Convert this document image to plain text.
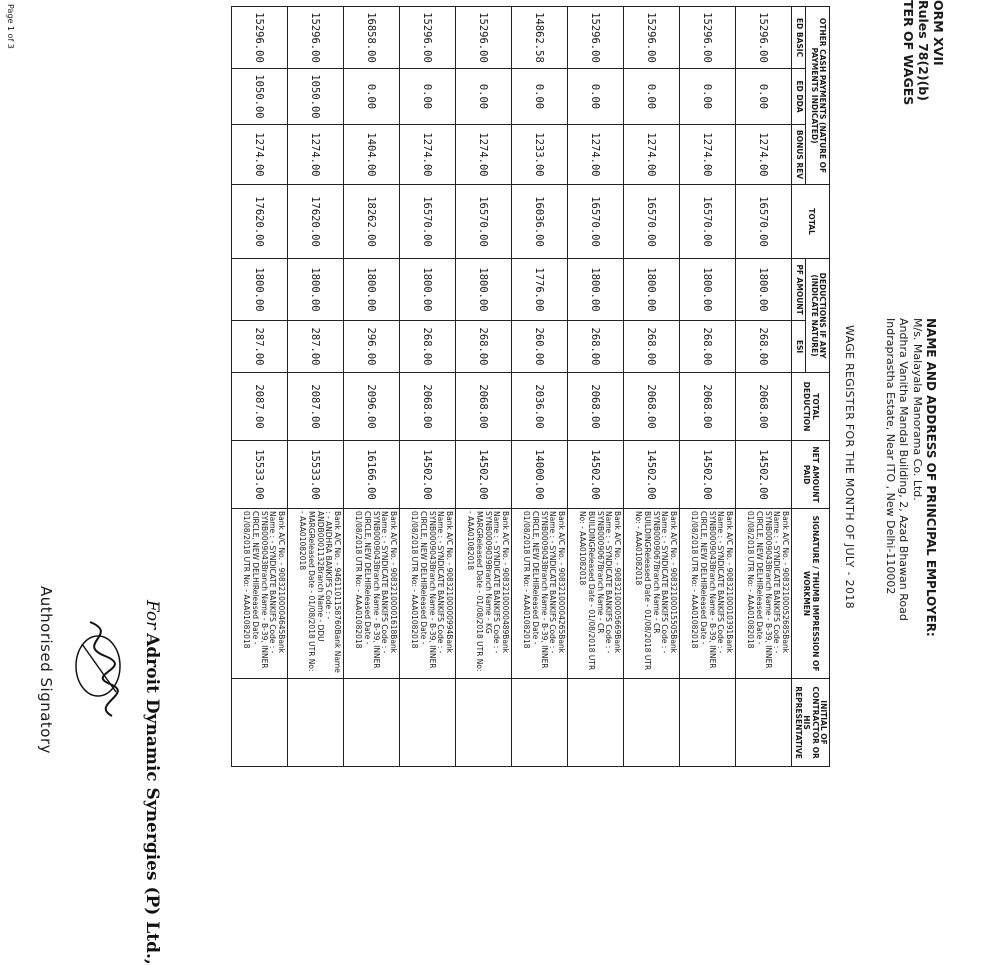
ORM XVII
Rules 78(2)(b)
TER OF WAGES
NAME AND ADDRESS OF PRINCIPAL EMPLOYER:
M/s. Malayala Manorama Co. Ltd.
Andhra Vanitha Mandal Building, 2, Azad Bhawan Road
Indraprastha Estate, Near ITO , New Delhi-110002
WAGE REGISTER FOR THE MONTH OF JULY - 2018
OTHER CASH PAYMENTS (NATURE OF PAYMENTS INDICATED)			TOTAL	DEDUCTIONS IF ANY (INDICATE NATURE)		TOTAL DEDUCTION	NET AMOUNT PAID	SIGNATURE / THUMB IMPRESSION OF WORKMEN	INITIAL OF CONTRACTOR OR HIS REPRESENTATIVE
ED BASIC	ED DDA	BONUS REV		PF AMOUNT	ESI				
15296.00	0.00	1274.00	16570.00	1800.00	268.00	2068.00	14502.00	Bank A/C No. - 90832100052685Bank Name : - SYNDICATE BANKIFS Code : - SYNB0009043Branch Name - B-39, INNER CIRCLE, NEW DELHIReleased Date - 01/08/2018 UTR No: - AAA01082018	
15296.00	0.00	1274.00	16570.00	1800.00	268.00	2068.00	14502.00	Bank A/C No. - 90832100010391Bank Name : - SYNDICATE BANKIFS Code : - SYNB0009043Branch Name - B-39, INNER CIRCLE, NEW DELHIReleased Date - 01/08/2018 UTR No: - AAA01082018	
15296.00	0.00	1274.00	16570.00	1800.00	268.00	2068.00	14502.00	Bank A/C No. - 90832100015505Bank Name : - SYNDICATE BANKIFS Code : - SYNB0009067Branch Name - CR BUILDINGReleased Date - 01/08/2018 UTR No: - AAA01082018	
15296.00	0.00	1274.00	16570.00	1800.00	268.00	2068.00	14502.00	Bank A/C No. - 90832100005669Bank Name : - SYNDICATE BANKIFS Code : - SYNB0009067Branch Name - CR BUILDINGReleased Date - 01/08/2018 UTR No: - AAA01082018	
14862.58	0.00	1233.00	16036.00	1776.00	260.00	2036.00	14000.00	Bank A/C No. - 90832100004265Bank Name : - SYNDICATE BANKIFS Code : - SYNB0009043Branch Name - B-39, INNER CIRCLE, NEW DELHIReleased Date - 01/08/2018 UTR No: - AAA01082018	
15296.00	0.00	1274.00	16570.00	1800.00	268.00	2068.00	14502.00	Bank A/C No. - 90832100000489Bank Name : - SYNDICATE BANKIFS Code : - SYNB0009039Branch Name - KG MARGReleased Date - 01/08/2018 UTR No: - AAA01082018	
15296.00	0.00	1274.00	16570.00	1800.00	268.00	2068.00	14502.00	Bank A/C No. - 90832100000994Bank Name : - SYNDICATE BANKIFS Code : - SYNB0009043Branch Name - B-39, INNER CIRCLE, NEW DELHIReleased Date - 01/08/2018 UTR No: - AAA01082018	
16858.00	0.00	1404.00	18262.00	1800.00	296.00	2096.00	16166.00	Bank A/C No. - 90832100001618Bank Name : - SYNDICATE BANKIFS Code : - SYNB0009043Branch Name - B-39, INNER CIRCLE, NEW DELHIReleased Date - 01/08/2018 UTR No: - AAA01082018	
15296.00	1050.00	1274.00	17620.00	1800.00	287.00	2087.00	15533.00	Bank A/C No. - 9461101158760Bank Name : - ANDHRA BANKIFS Code : - ANDB0001132Branch Name - DDU MARGReleased Date - 01/08/2018 UTR No: - AAA01082018	
15296.00	1050.00	1274.00	17620.00	1800.00	287.00	2087.00	15533.00	Bank A/C No. - 90832100004645Bank Name : - SYNDICATE BANKIFS Code : - SYNB0009043Branch Name - B-39, INNER CIRCLE, NEW DELHIReleased Date - 01/08/2018 UTR No: - AAA01082018	
ForAdroit Dynamic Synergies (P) Ltd.,
Authorised Signatory
Page 1 of 3
